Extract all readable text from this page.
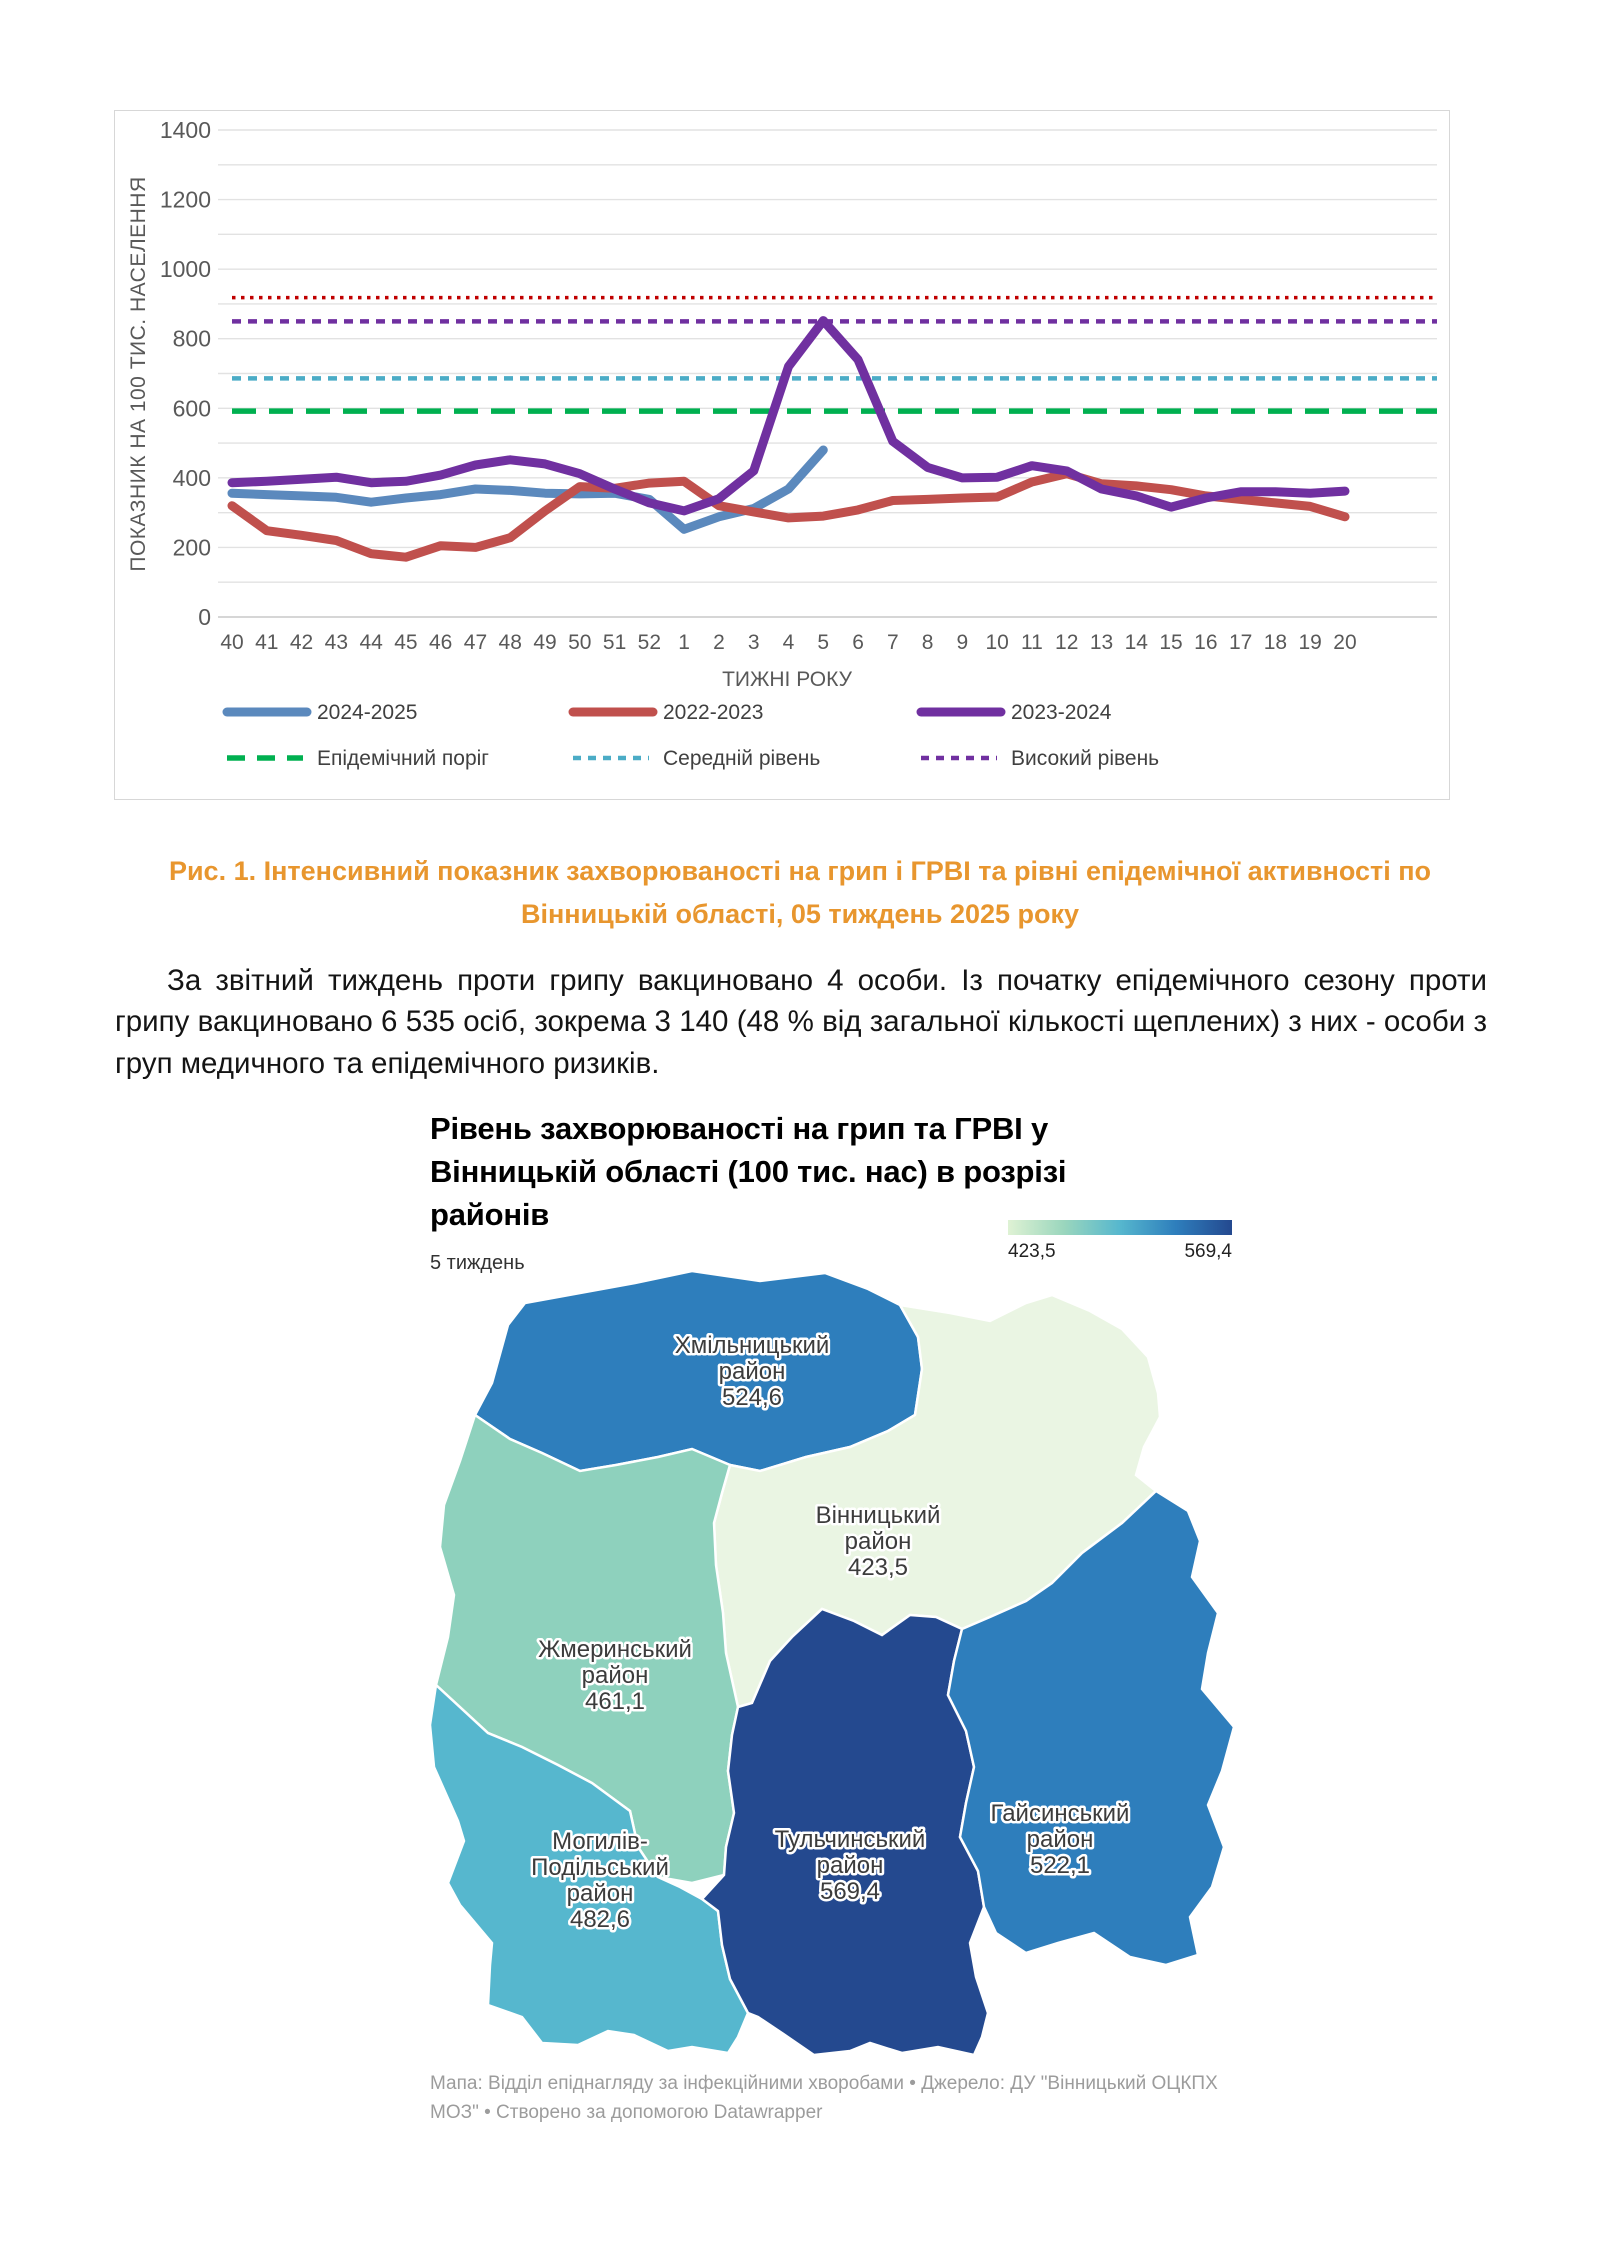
0
200
400
600
800
1000
1200
1400
40 41 42 43 44 45 46 47 48 49 50 51 52 1 2 3 4 5 6 7 8 9 10 11 12 13 14 15 16 17 18 19 20
ПОКАЗНИК НА 100 ТИС. НАСЕЛЕННЯ
ТИЖНІ РОКУ
2024-2025	2022-2023	2023-2024
Епідемічний поріг	Середній рівень	Високий рівень
Рис. 1. Інтенсивний показник захворюваності на грип і ГРВІ та рівні епідемічної активності по Вінницькій області, 05 тиждень 2025 року
За звітний тиждень проти грипу вакциновано 4 особи. Із початку епідемічного сезону проти грипу вакциновано 6 535 осіб, зокрема 3 140 (48 % від загальної кількості щеплених) з них - особи з груп медичного та епідемічного ризиків.
Рівень захворюваності на грип та ГРВІ у Вінницькій області (100 тис. нас) в розрізі районів
5 тиждень
423,5	569,4
Хмільницький район 524,6
Вінницький район 423,5
Жмеринський район 461,1
Могилів-Подільський район 482,6
Тульчинський район 569,4
Гайсинський район 522,1
Мапа: Відділ епіднагляду за інфекційними хворобами • Джерело: ДУ "Вінницький ОЦКПХ МОЗ" • Створено за допомогою Datawrapper
